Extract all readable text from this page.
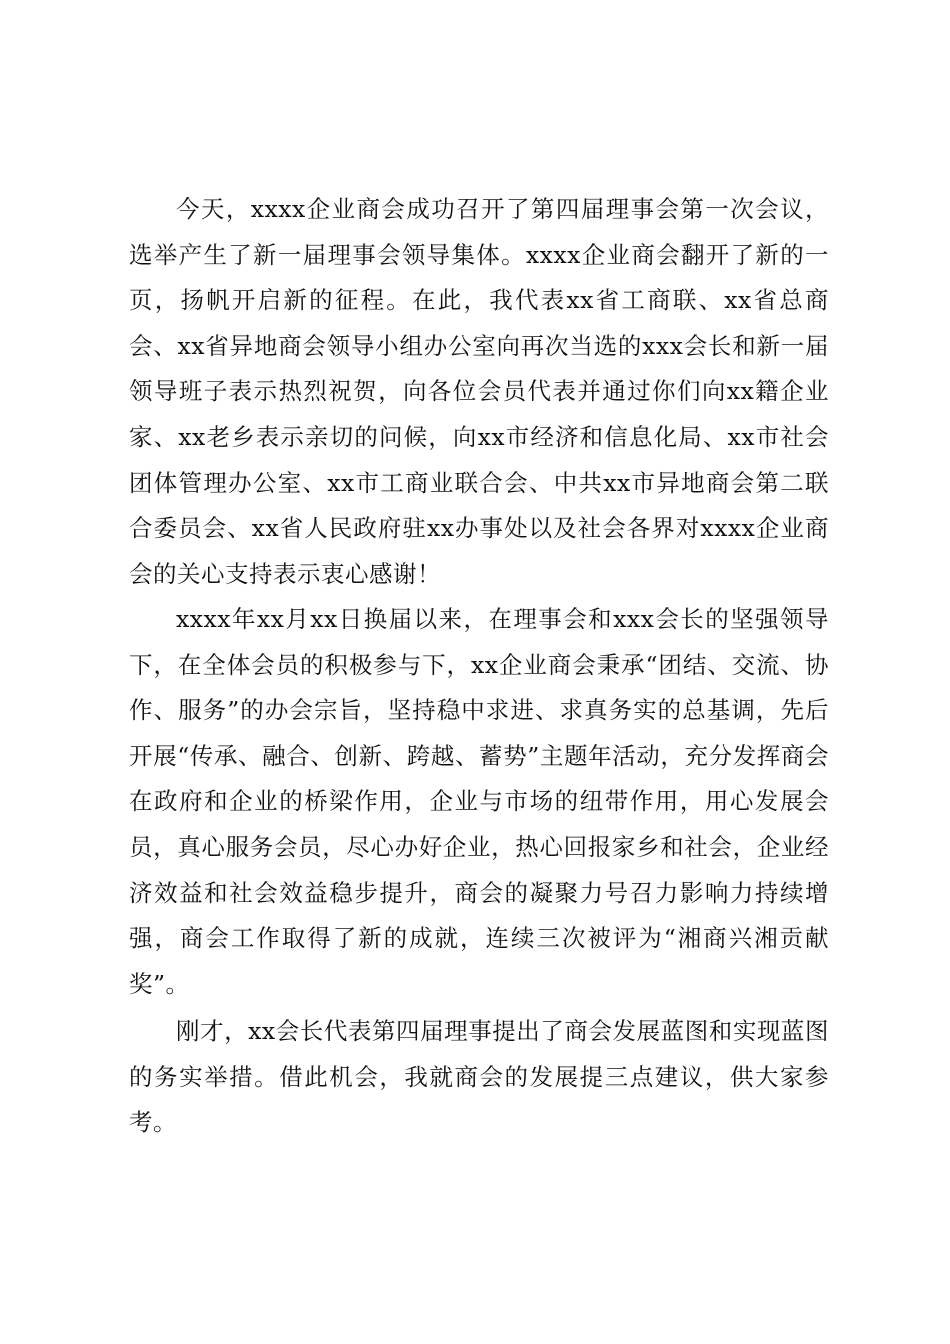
今天，xxxx企业商会成功召开了第四届理事会第一次会议，选举产生了新一届理事会领导集体。xxxx企业商会翻开了新的一页，扬帆开启新的征程。在此，我代表xx省工商联、xx省总商会、xx省异地商会领导小组办公室向再次当选的xxx会长和新一届领导班子表示热烈祝贺，向各位会员代表并通过你们向xx籍企业家、xx老乡表示亲切的问候，向xx市经济和信息化局、xx市社会团体管理办公室、xx市工商业联合会、中共xx市异地商会第二联合委员会、xx省人民政府驻xx办事处以及社会各界对xxxx企业商会的关心支持表示衷心感谢！

xxxx年xx月xx日换届以来，在理事会和xxx会长的坚强领导下，在全体会员的积极参与下，xx企业商会秉承“团结、交流、协作、服务”的办会宗旨，坚持稳中求进、求真务实的总基调，先后开展“传承、融合、创新、跨越、蓄势”主题年活动，充分发挥商会在政府和企业的桥梁作用，企业与市场的纽带作用，用心发展会员，真心服务会员，尽心办好企业，热心回报家乡和社会，企业经济效益和社会效益稳步提升，商会的凝聚力号召力影响力持续增强，商会工作取得了新的成就，连续三次被评为“湘商兴湘贡献奖”。

刚才，xx会长代表第四届理事提出了商会发展蓝图和实现蓝图的务实举措。借此机会，我就商会的发展提三点建议，供大家参考。
